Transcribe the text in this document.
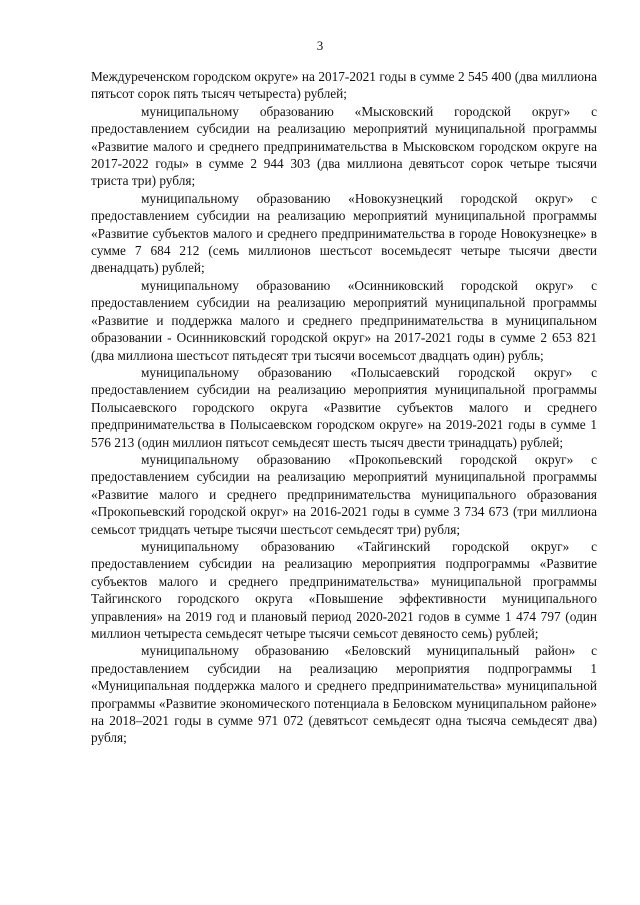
3

Междуреченском городском округе» на 2017-2021 годы в сумме 2 545 400 (два миллиона пятьсот сорок пять тысяч четыреста) рублей;

муниципальному образованию «Мысковский городской округ» с предоставлением субсидии на реализацию мероприятий муниципальной программы «Развитие малого и среднего предпринимательства в Мысковском городском округе на 2017-2022 годы» в сумме 2 944 303 (два миллиона девятьсот сорок четыре тысячи триста три) рубля;

муниципальному образованию «Новокузнецкий городской округ» с предоставлением субсидии на реализацию мероприятий муниципальной программы «Развитие субъектов малого и среднего предпринимательства в городе Новокузнецке» в сумме 7 684 212 (семь миллионов шестьсот восемьдесят четыре тысячи двести двенадцать) рублей;

муниципальному образованию «Осинниковский городской округ» с предоставлением субсидии на реализацию мероприятий муниципальной программы «Развитие и поддержка малого и среднего предпринимательства в муниципальном образовании - Осинниковский городской округ» на 2017-2021 годы в сумме 2 653 821 (два миллиона шестьсот пятьдесят три тысячи восемьсот двадцать один) рубль;

муниципальному образованию «Полысаевский городской округ» с предоставлением субсидии на реализацию мероприятия муниципальной программы Полысаевского городского округа «Развитие субъектов малого и среднего предпринимательства в Полысаевском городском округе» на 2019-2021 годы в сумме 1 576 213 (один миллион пятьсот семьдесят шесть тысяч двести тринадцать) рублей;

муниципальному образованию «Прокопьевский городской округ» с предоставлением субсидии на реализацию мероприятий муниципальной программы «Развитие малого и среднего предпринимательства муниципального образования «Прокопьевский городской округ» на 2016-2021 годы в сумме 3 734 673 (три миллиона семьсот тридцать четыре тысячи шестьсот семьдесят три) рубля;

муниципальному образованию «Тайгинский городской округ» с предоставлением субсидии на реализацию мероприятия подпрограммы «Развитие субъектов малого и среднего предпринимательства» муниципальной программы Тайгинского городского округа «Повышение эффективности муниципального управления» на 2019 год и плановый период 2020-2021 годов в сумме 1 474 797 (один миллион четыреста семьдесят четыре тысячи семьсот девяносто семь) рублей;

муниципальному образованию «Беловский муниципальный район» с предоставлением субсидии на реализацию мероприятия подпрограммы 1 «Муниципальная поддержка малого и среднего предпринимательства» муниципальной программы «Развитие экономического потенциала в Беловском муниципальном районе» на 2018–2021 годы в сумме 971 072 (девятьсот семьдесят одна тысяча семьдесят два) рубля;
